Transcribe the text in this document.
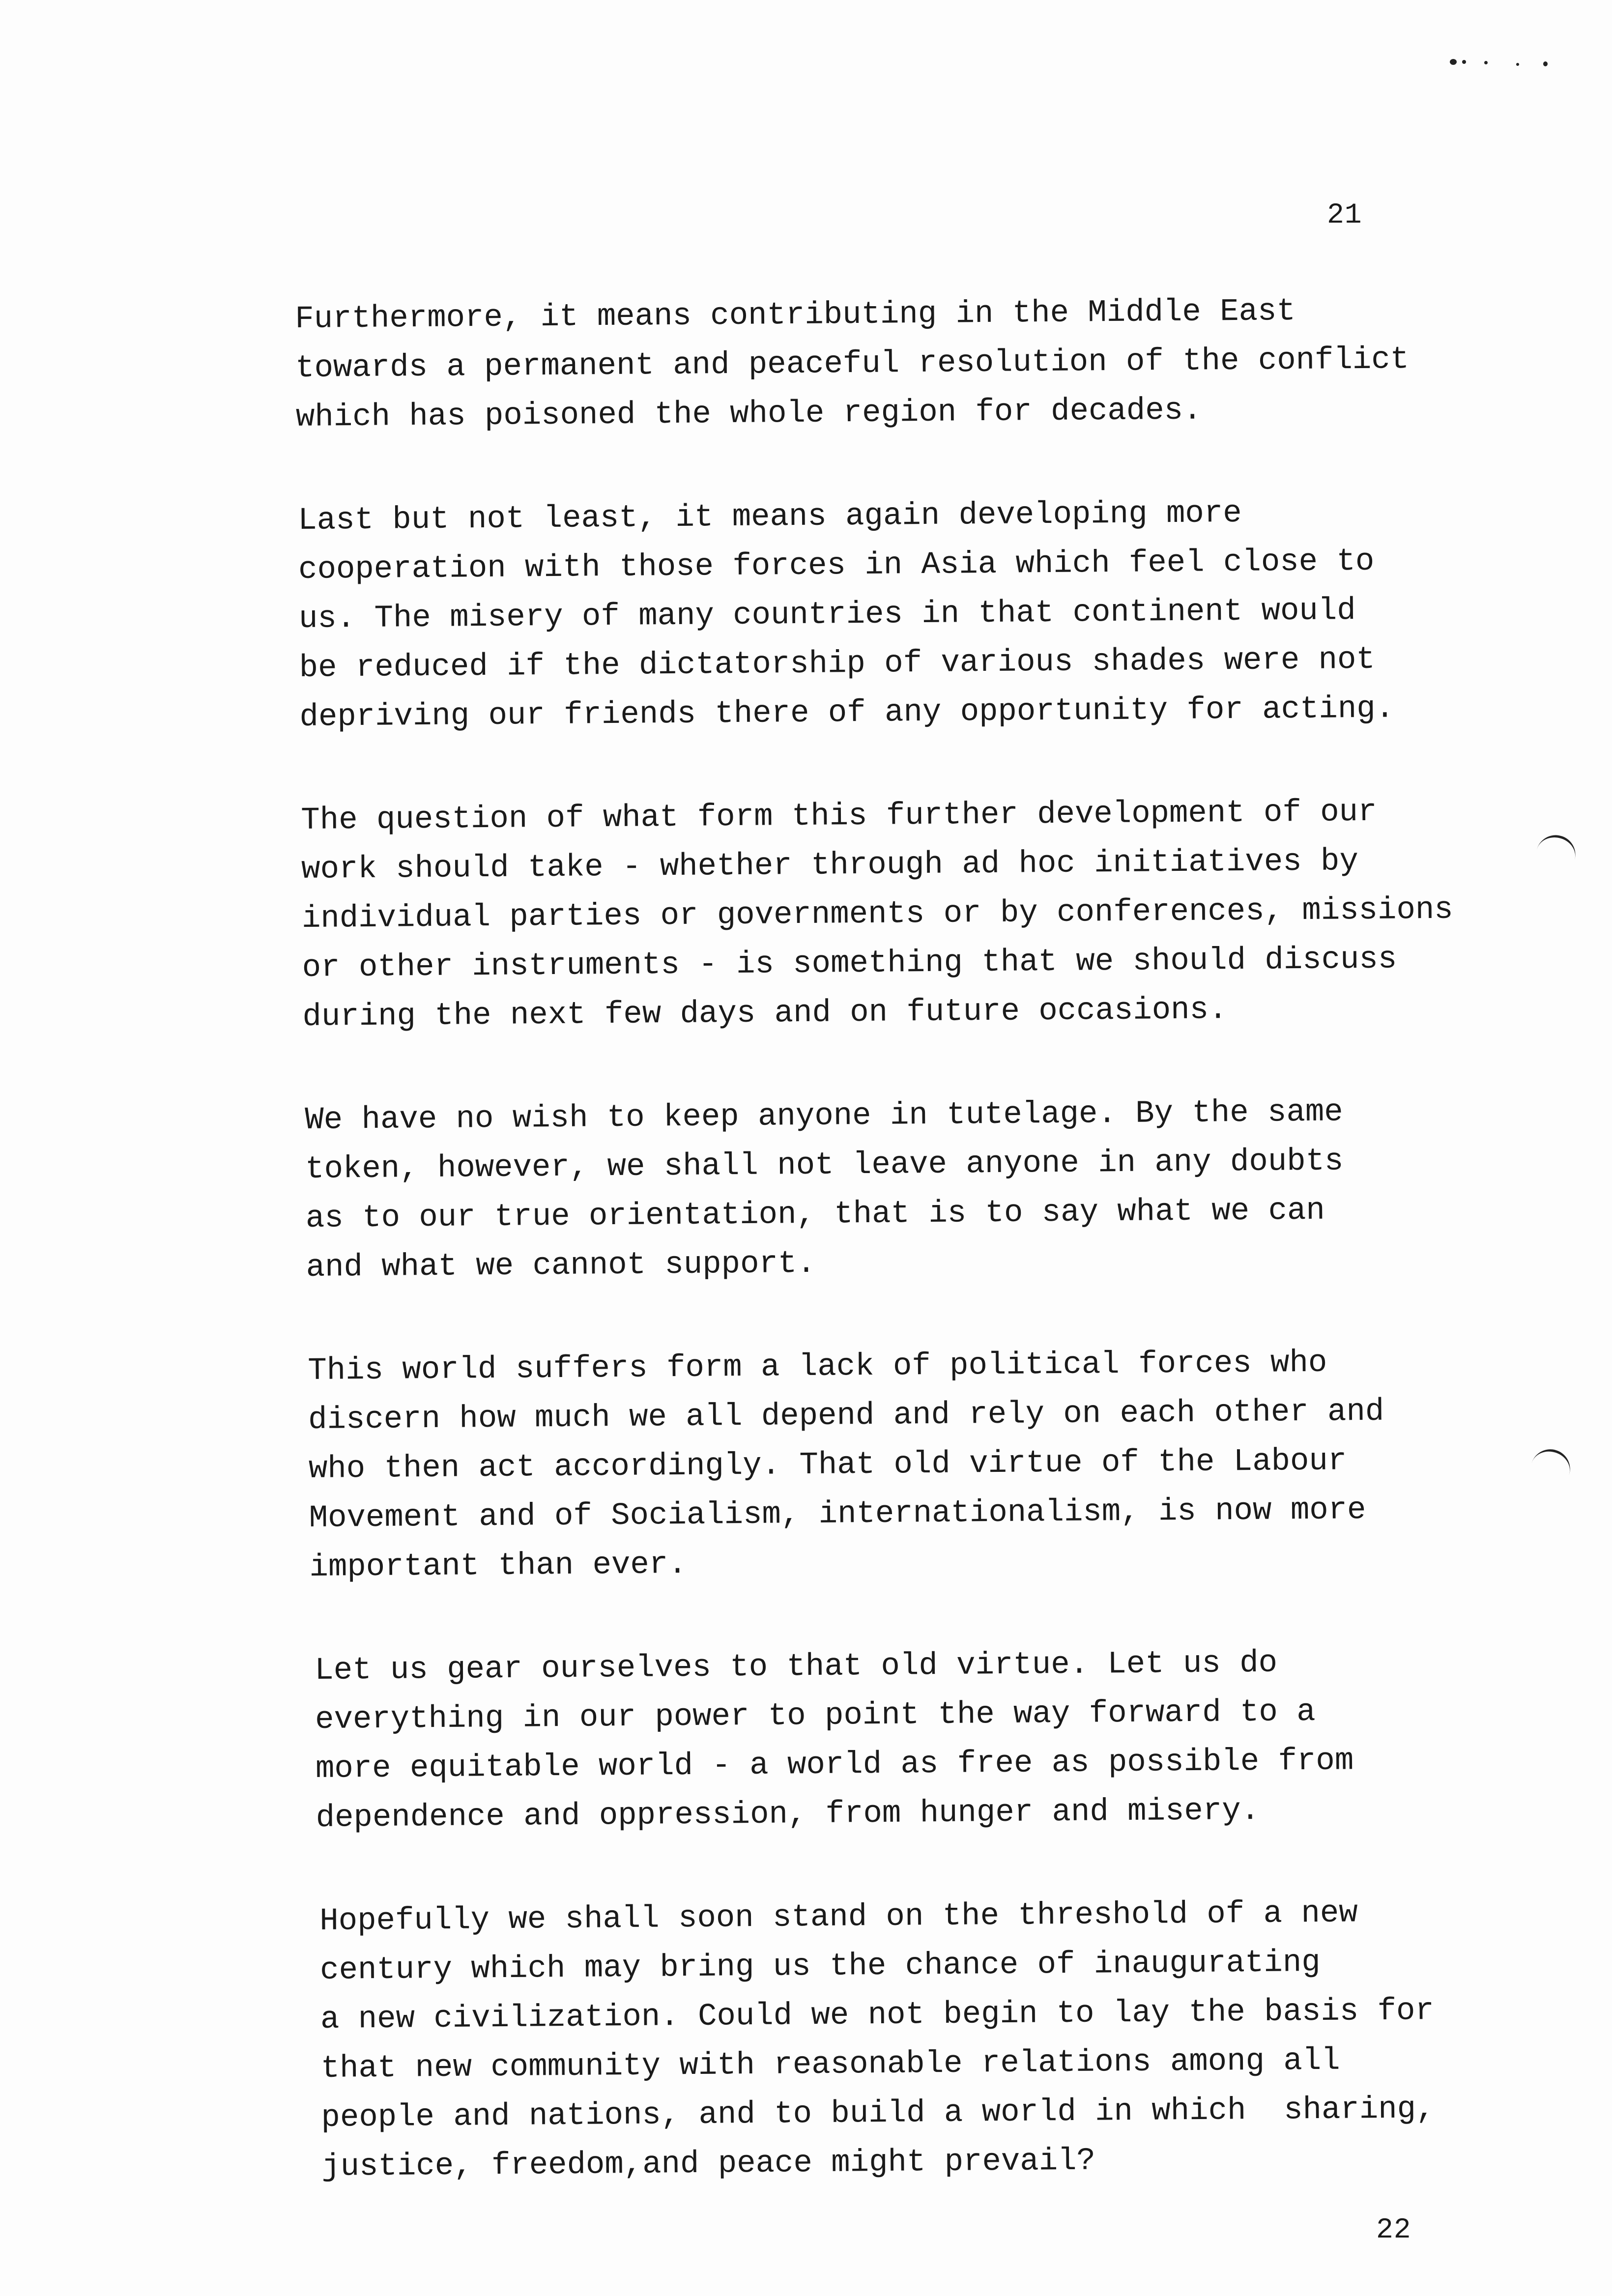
21
Furthermore, it means contributing in the Middle East
towards a permanent and peaceful resolution of the conflict
which has poisoned the whole region for decades.
Last but not least, it means again developing more
cooperation with those forces in Asia which feel close to
us. The misery of many countries in that continent would
be reduced if the dictatorship of various shades were not
depriving our friends there of any opportunity for acting.
The question of what form this further development of our
work should take - whether through ad hoc initiatives by
individual parties or governments or by conferences, missions
or other instruments - is something that we should discuss
during the next few days and on future occasions.
We have no wish to keep anyone in tutelage. By the same
token, however, we shall not leave anyone in any doubts
as to our true orientation, that is to say what we can
and what we cannot support.
This world suffers form a lack of political forces who
discern how much we all depend and rely on each other and
who then act accordingly. That old virtue of the Labour
Movement and of Socialism, internationalism, is now more
important than ever.
Let us gear ourselves to that old virtue. Let us do
everything in our power to point the way forward to a
more equitable world - a world as free as possible from
dependence and oppression, from hunger and misery.
Hopefully we shall soon stand on the threshold of a new
century which may bring us the chance of inaugurating
a new civilization. Could we not begin to lay the basis for
that new community with reasonable relations among all
people and nations, and to build a world in which  sharing,
justice, freedom,and peace might prevail?
22
